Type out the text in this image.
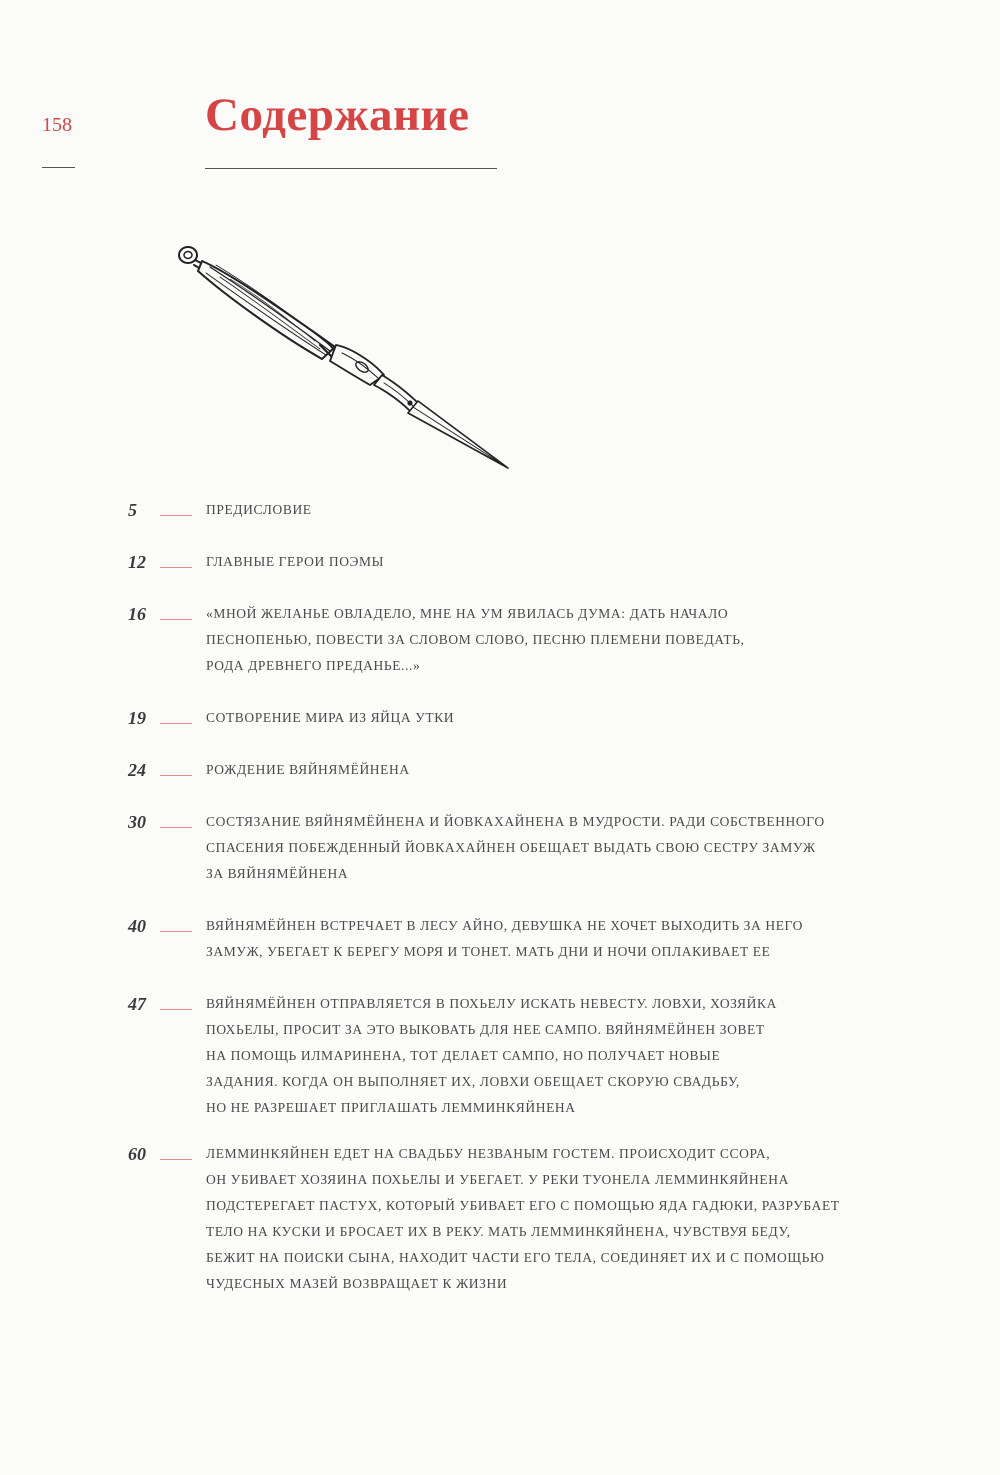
158	Содержание
5	ПРЕДИСЛОВИЕ
12	ГЛАВНЫЕ ГЕРОИ ПОЭМЫ
16	«МНОЙ ЖЕЛАНЬЕ ОВЛАДЕЛО, МНЕ НА УМ ЯВИЛАСЬ ДУМА: ДАТЬ НАЧАЛО
ПЕСНОПЕНЬЮ, ПОВЕСТИ ЗА СЛОВОМ СЛОВО, ПЕСНЮ ПЛЕМЕНИ ПОВЕДАТЬ,
РОДА ДРЕВНЕГО ПРЕДАНЬЕ...»
19	СОТВОРЕНИЕ МИРА ИЗ ЯЙЦА УТКИ
24	РОЖДЕНИЕ ВЯЙНЯМЁЙНЕНА
30	СОСТЯЗАНИЕ ВЯЙНЯМЁЙНЕНА И ЙОВКАХАЙНЕНА В МУДРОСТИ. РАДИ СОБСТВЕННОГО
СПАСЕНИЯ ПОБЕЖДЕННЫЙ ЙОВКАХАЙНЕН ОБЕЩАЕТ ВЫДАТЬ СВОЮ СЕСТРУ ЗАМУЖ
ЗА ВЯЙНЯМЁЙНЕНА
40	ВЯЙНЯМЁЙНЕН ВСТРЕЧАЕТ В ЛЕСУ АЙНО, ДЕВУШКА НЕ ХОЧЕТ ВЫХОДИТЬ ЗА НЕГО
ЗАМУЖ, УБЕГАЕТ К БЕРЕГУ МОРЯ И ТОНЕТ. МАТЬ ДНИ И НОЧИ ОПЛАКИВАЕТ ЕЕ
47	ВЯЙНЯМЁЙНЕН ОТПРАВЛЯЕТСЯ В ПОХЬЕЛУ ИСКАТЬ НЕВЕСТУ. ЛОВХИ, ХОЗЯЙКА
ПОХЬЕЛЫ, ПРОСИТ ЗА ЭТО ВЫКОВАТЬ ДЛЯ НЕЕ САМПО. ВЯЙНЯМЁЙНЕН ЗОВЕТ
НА ПОМОЩЬ ИЛМАРИНЕНА, ТОТ ДЕЛАЕТ САМПО, НО ПОЛУЧАЕТ НОВЫЕ
ЗАДАНИЯ. КОГДА ОН ВЫПОЛНЯЕТ ИХ, ЛОВХИ ОБЕЩАЕТ СКОРУЮ СВАДЬБУ,
НО НЕ РАЗРЕШАЕТ ПРИГЛАШАТЬ ЛЕММИНКЯЙНЕНА
60	ЛЕММИНКЯЙНЕН ЕДЕТ НА СВАДЬБУ НЕЗВАНЫМ ГОСТЕМ. ПРОИСХОДИТ ССОРА,
ОН УБИВАЕТ ХОЗЯИНА ПОХЬЕЛЫ И УБЕГАЕТ. У РЕКИ ТУОНЕЛА ЛЕММИНКЯЙНЕНА
ПОДСТЕРЕГАЕТ ПАСТУХ, КОТОРЫЙ УБИВАЕТ ЕГО С ПОМОЩЬЮ ЯДА ГАДЮКИ, РАЗРУБАЕТ
ТЕЛО НА КУСКИ И БРОСАЕТ ИХ В РЕКУ. МАТЬ ЛЕММИНКЯЙНЕНА, ЧУВСТВУЯ БЕДУ,
БЕЖИТ НА ПОИСКИ СЫНА, НАХОДИТ ЧАСТИ ЕГО ТЕЛА, СОЕДИНЯЕТ ИХ И С ПОМОЩЬЮ
ЧУДЕСНЫХ МАЗЕЙ ВОЗВРАЩАЕТ К ЖИЗНИ
